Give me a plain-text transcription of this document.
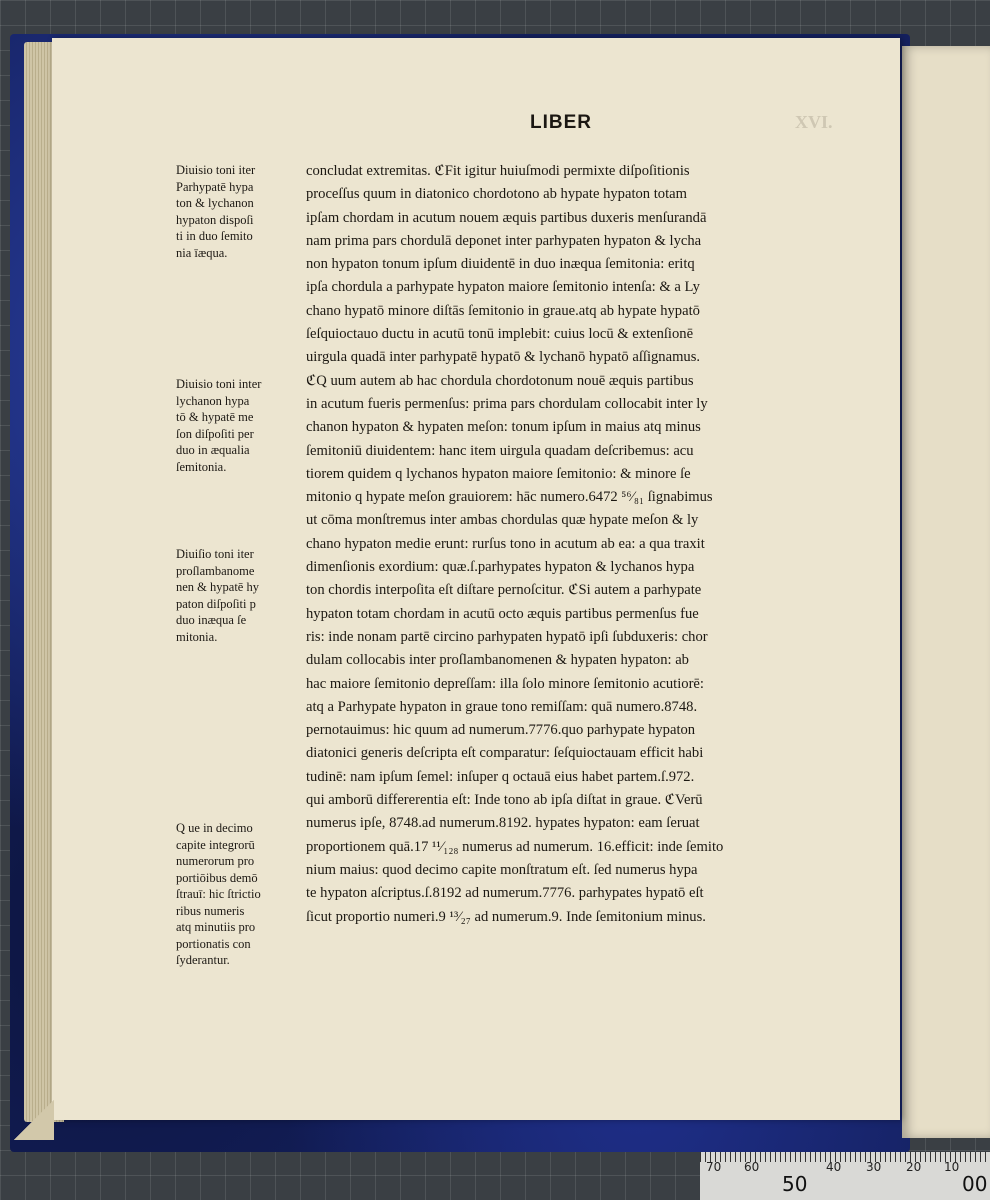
XVI.
LIBER
Diuisio toni iter
Parhypatē hypa
ton & lychanon
hypaton dispoſi
ti in duo ſemito
nia īæqua.
Diuisio toni inter
lychanon hypa
tō & hypatē me
ſon diſpoſiti per
duo in æqualia
ſemitonia.
Diuiſio toni iter
proſlambanome
nen & hypatē hy
paton diſpoſiti p
duo inæqua ſe
mitonia.
Q ue in decimo
capite integrorū
numerorum pro
portiōibus demō
ſtrauī: hic ſtrictio
ribus numeris
atq minutiis pro
portionatis con
ſyderantur.
concludat extremitas. ℭFit igitur huiuſmodi permixte diſpoſitionis
proceſſus quum in diatonico chordotono ab hypate hypaton totam
ipſam chordam in acutum nouem æquis partibus duxeris menſurandā
nam prima pars chordulā deponet inter parhypaten hypaton & lycha
non hypaton tonum ipſum diuidentē in duo inæqua ſemitonia: eritq
ipſa chordula a parhypate hypaton maiore ſemitonio intenſa: & a Ly
chano hypatō minore diſtās ſemitonio in graue.atq ab hypate hypatō
ſeſquioctauo ductu in acutū tonū implebit: cuius locū & extenſionē
uirgula quadā inter parhypatē hypatō & lychanō hypatō aſſignamus.
ℭQ uum autem ab hac chordula chordotonum nouē æquis partibus
in acutum fueris permenſus: prima pars chordulam collocabit inter ly
chanon hypaton & hypaten meſon: tonum ipſum in maius atq minus
ſemitoniū diuidentem: hanc item uirgula quadam deſcribemus: acu
tiorem quidem q lychanos hypaton maiore ſemitonio: & minore ſe
mitonio q hypate meſon grauiorem: hāc numero.6472 ⁵⁶⁄₈₁ ſignabimus
ut cōma monſtremus inter ambas chordulas quæ hypate meſon & ly
chano hypaton medie erunt: rurſus tono in acutum ab ea: a qua traxit
dimenſionis exordium: quæ.ſ.parhypates hypaton & lychanos hypa
ton chordis interpoſita eſt diſtare pernoſcitur. ℭSi autem a parhypate
hypaton totam chordam in acutū octo æquis partibus permenſus fue
ris: inde nonam partē circino parhypaten hypatō ipſi ſubduxeris: chor
dulam collocabis inter proſlambanomenen & hypaten hypaton: ab
hac maiore ſemitonio depreſſam: illa ſolo minore ſemitonio acutiorē:
atq a Parhypate hypaton in graue tono remiſſam: quā numero.8748.
pernotauimus: hic quum ad numerum.7776.quo parhypate hypaton
diatonici generis deſcripta eſt comparatur: ſeſquioctauam efficit habi
tudinē: nam ipſum ſemel: inſuper q octauā eius habet partem.ſ.972.
qui amborū differerentia eſt: Inde tono ab ipſa diſtat in graue. ℭVerū
numerus ipſe, 8748.ad numerum.8192. hypates hypaton: eam ſeruat
proportionem quā.17 ¹¹⁄₁₂₈ numerus ad numerum. 16.efficit: inde ſemito
nium maius: quod decimo capite monſtratum eſt. ſed numerus hypa
te hypaton aſcriptus.ſ.8192 ad numerum.7776. parhypates hypatō eſt
ſicut proportio numeri.9 ¹³⁄₂₇ ad numerum.9. Inde ſemitonium minus.
70 60	40 30 20 10
50	00
